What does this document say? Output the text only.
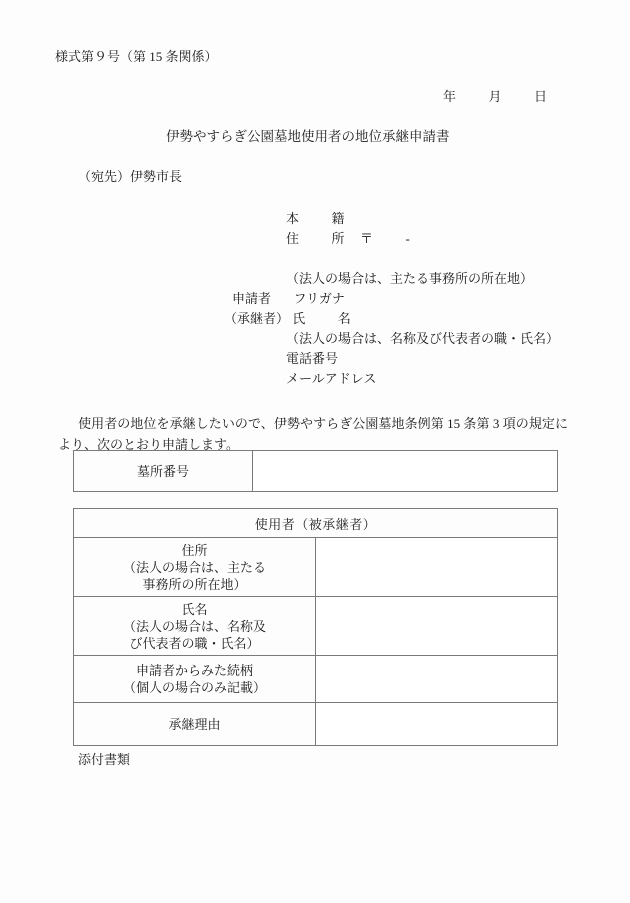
様式第９号（第 15 条関係）
年	月	日
伊勢やすらぎ公園墓地使用者の地位承継申請書
（宛先）伊勢市長
本	籍
住	所 〒	-
（法人の場合は、主たる事務所の所在地）
申請者 フリガナ
（承継者） 氏	名
（法人の場合は、名称及び代表者の職・氏名）
電話番号
メールアドレス
使用者の地位を承継したいので、伊勢やすらぎ公園墓地条例第 15 条第 3 項の規定により、次のとおり申請します。
墓所番号	
使用者（被承継者）	
住所
（法人の場合は、主たる
事務所の所在地）	
氏名
（法人の場合は、名称及
び代表者の職・氏名）	
申請者からみた続柄
（個人の場合のみ記載）	
承継理由	
添付書類
